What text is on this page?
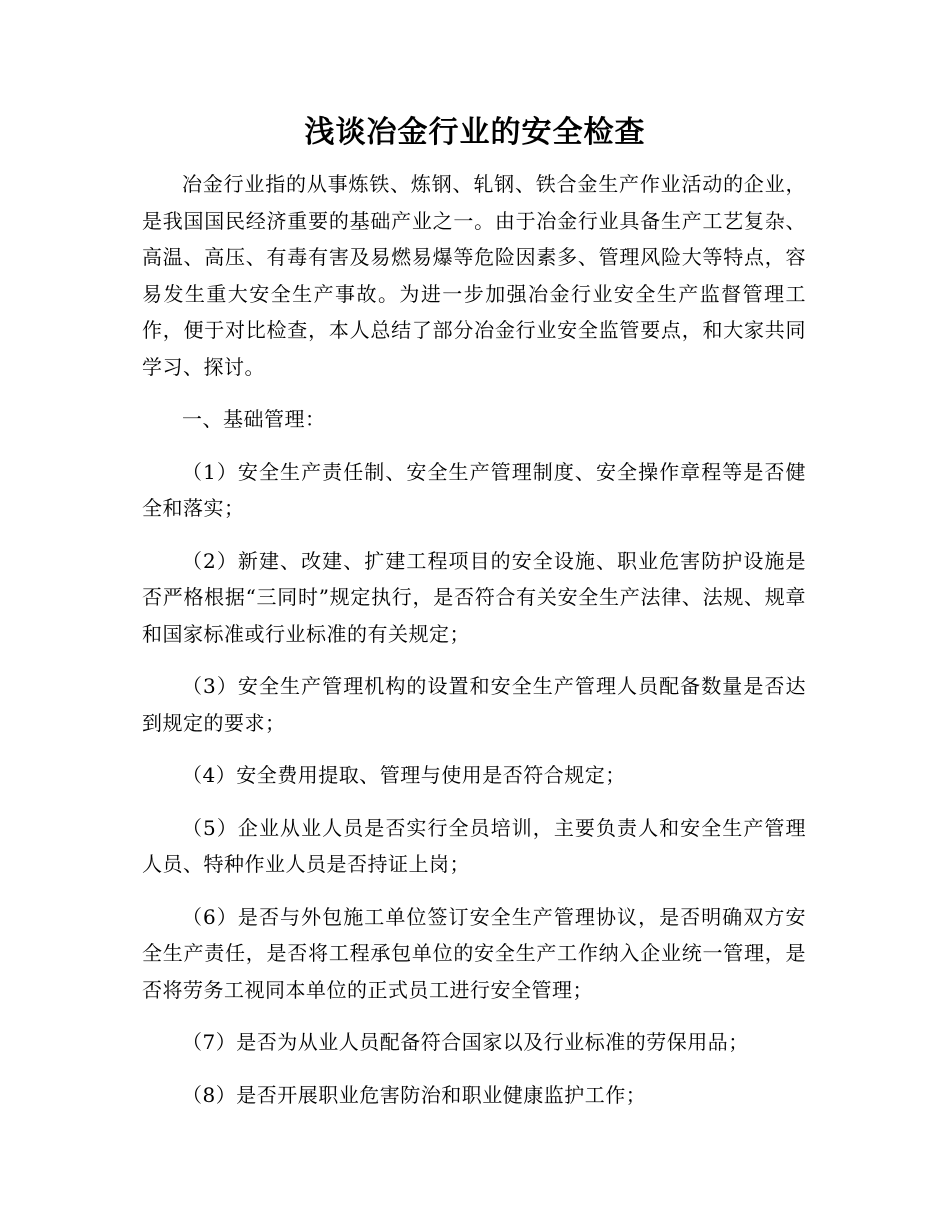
浅谈冶金行业的安全检查

冶金行业指的从事炼铁、炼钢、轧钢、铁合金生产作业活动的企业，是我国国民经济重要的基础产业之一。由于冶金行业具备生产工艺复杂、高温、高压、有毒有害及易燃易爆等危险因素多、管理风险大等特点，容易发生重大安全生产事故。为进一步加强冶金行业安全生产监督管理工作，便于对比检查，本人总结了部分冶金行业安全监管要点，和大家共同学习、探讨。

一、基础管理：

（1）安全生产责任制、安全生产管理制度、安全操作章程等是否健全和落实；

（2）新建、改建、扩建工程项目的安全设施、职业危害防护设施是否严格根据“三同时”规定执行，是否符合有关安全生产法律、法规、规章和国家标准或行业标准的有关规定；

（3）安全生产管理机构的设置和安全生产管理人员配备数量是否达到规定的要求；

（4）安全费用提取、管理与使用是否符合规定；

（5）企业从业人员是否实行全员培训，主要负责人和安全生产管理人员、特种作业人员是否持证上岗；

（6）是否与外包施工单位签订安全生产管理协议，是否明确双方安全生产责任，是否将工程承包单位的安全生产工作纳入企业统一管理，是否将劳务工视同本单位的正式员工进行安全管理；

（7）是否为从业人员配备符合国家以及行业标准的劳保用品；

（8）是否开展职业危害防治和职业健康监护工作；
